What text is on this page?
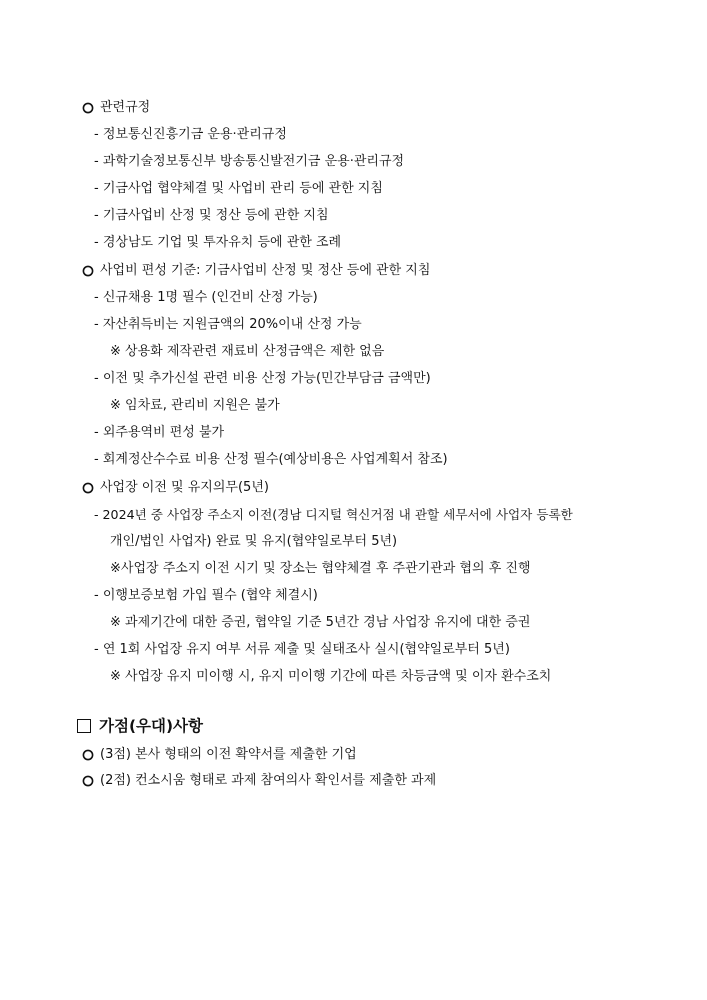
관련규정
- 정보통신진흥기금 운용·관리규정
- 과학기술정보통신부 방송통신발전기금 운용·관리규정
- 기금사업 협약체결 및 사업비 관리 등에 관한 지침
- 기금사업비 산정 및 정산 등에 관한 지침
- 경상남도 기업 및 투자유치 등에 관한 조례
사업비 편성 기준: 기금사업비 산정 및 정산 등에 관한 지침
- 신규채용 1명 필수 (인건비 산정 가능)
- 자산취득비는 지원금액의 20%이내 산정 가능
※ 상용화 제작관련 재료비 산정금액은 제한 없음
- 이전 및 추가신설 관련 비용 산정 가능(민간부담금 금액만)
※ 임차료, 관리비 지원은 불가
- 외주용역비 편성 불가
- 회계정산수수료 비용 산정 필수(예상비용은 사업계획서 참조)
사업장 이전 및 유지의무(5년)
- 2024년 중 사업장 주소지 이전(경남 디지털 혁신거점 내 관할 세무서에 사업자 등록한
개인/법인 사업자) 완료 및 유지(협약일로부터 5년)
※사업장 주소지 이전 시기 및 장소는 협약체결 후 주관기관과 협의 후 진행
- 이행보증보험 가입 필수 (협약 체결시)
※ 과제기간에 대한 증권, 협약일 기준 5년간 경남 사업장 유지에 대한 증권
- 연 1회 사업장 유지 여부 서류 제출 및 실태조사 실시(협약일로부터 5년)
※ 사업장 유지 미이행 시, 유지 미이행 기간에 따른 차등금액 및 이자 환수조치
가점(우대)사항
(3점) 본사 형태의 이전 확약서를 제출한 기업
(2점) 컨소시움 형태로 과제 참여의사 확인서를 제출한 과제
